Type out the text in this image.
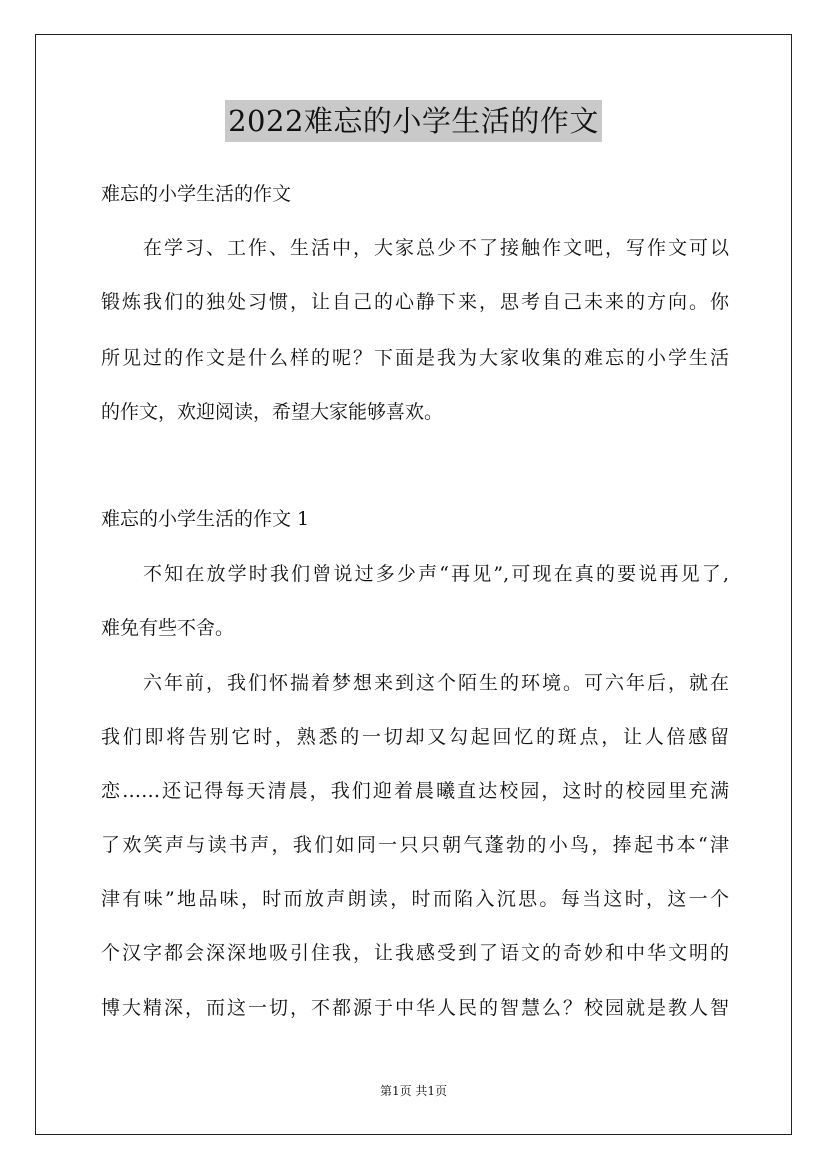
2022难忘的小学生活的作文
难忘的小学生活的作文
在学习、工作、生活中，大家总少不了接触作文吧，写作文可以
锻炼我们的独处习惯，让自己的心静下来，思考自己未来的方向。你
所见过的作文是什么样的呢？下面是我为大家收集的难忘的小学生活
的作文，欢迎阅读，希望大家能够喜欢。
难忘的小学生活的作文 1
不知在放学时我们曾说过多少声“再见”,可现在真的要说再见了,
难免有些不舍。
六年前，我们怀揣着梦想来到这个陌生的环境。可六年后，就在
我们即将告别它时，熟悉的一切却又勾起回忆的斑点，让人倍感留
恋……还记得每天清晨，我们迎着晨曦直达校园，这时的校园里充满
了欢笑声与读书声，我们如同一只只朝气蓬勃的小鸟，捧起书本“津
津有味”地品味，时而放声朗读，时而陷入沉思。每当这时，这一个
个汉字都会深深地吸引住我，让我感受到了语文的奇妙和中华文明的
博大精深，而这一切，不都源于中华人民的智慧么？校园就是教人智
第1页 共1页
